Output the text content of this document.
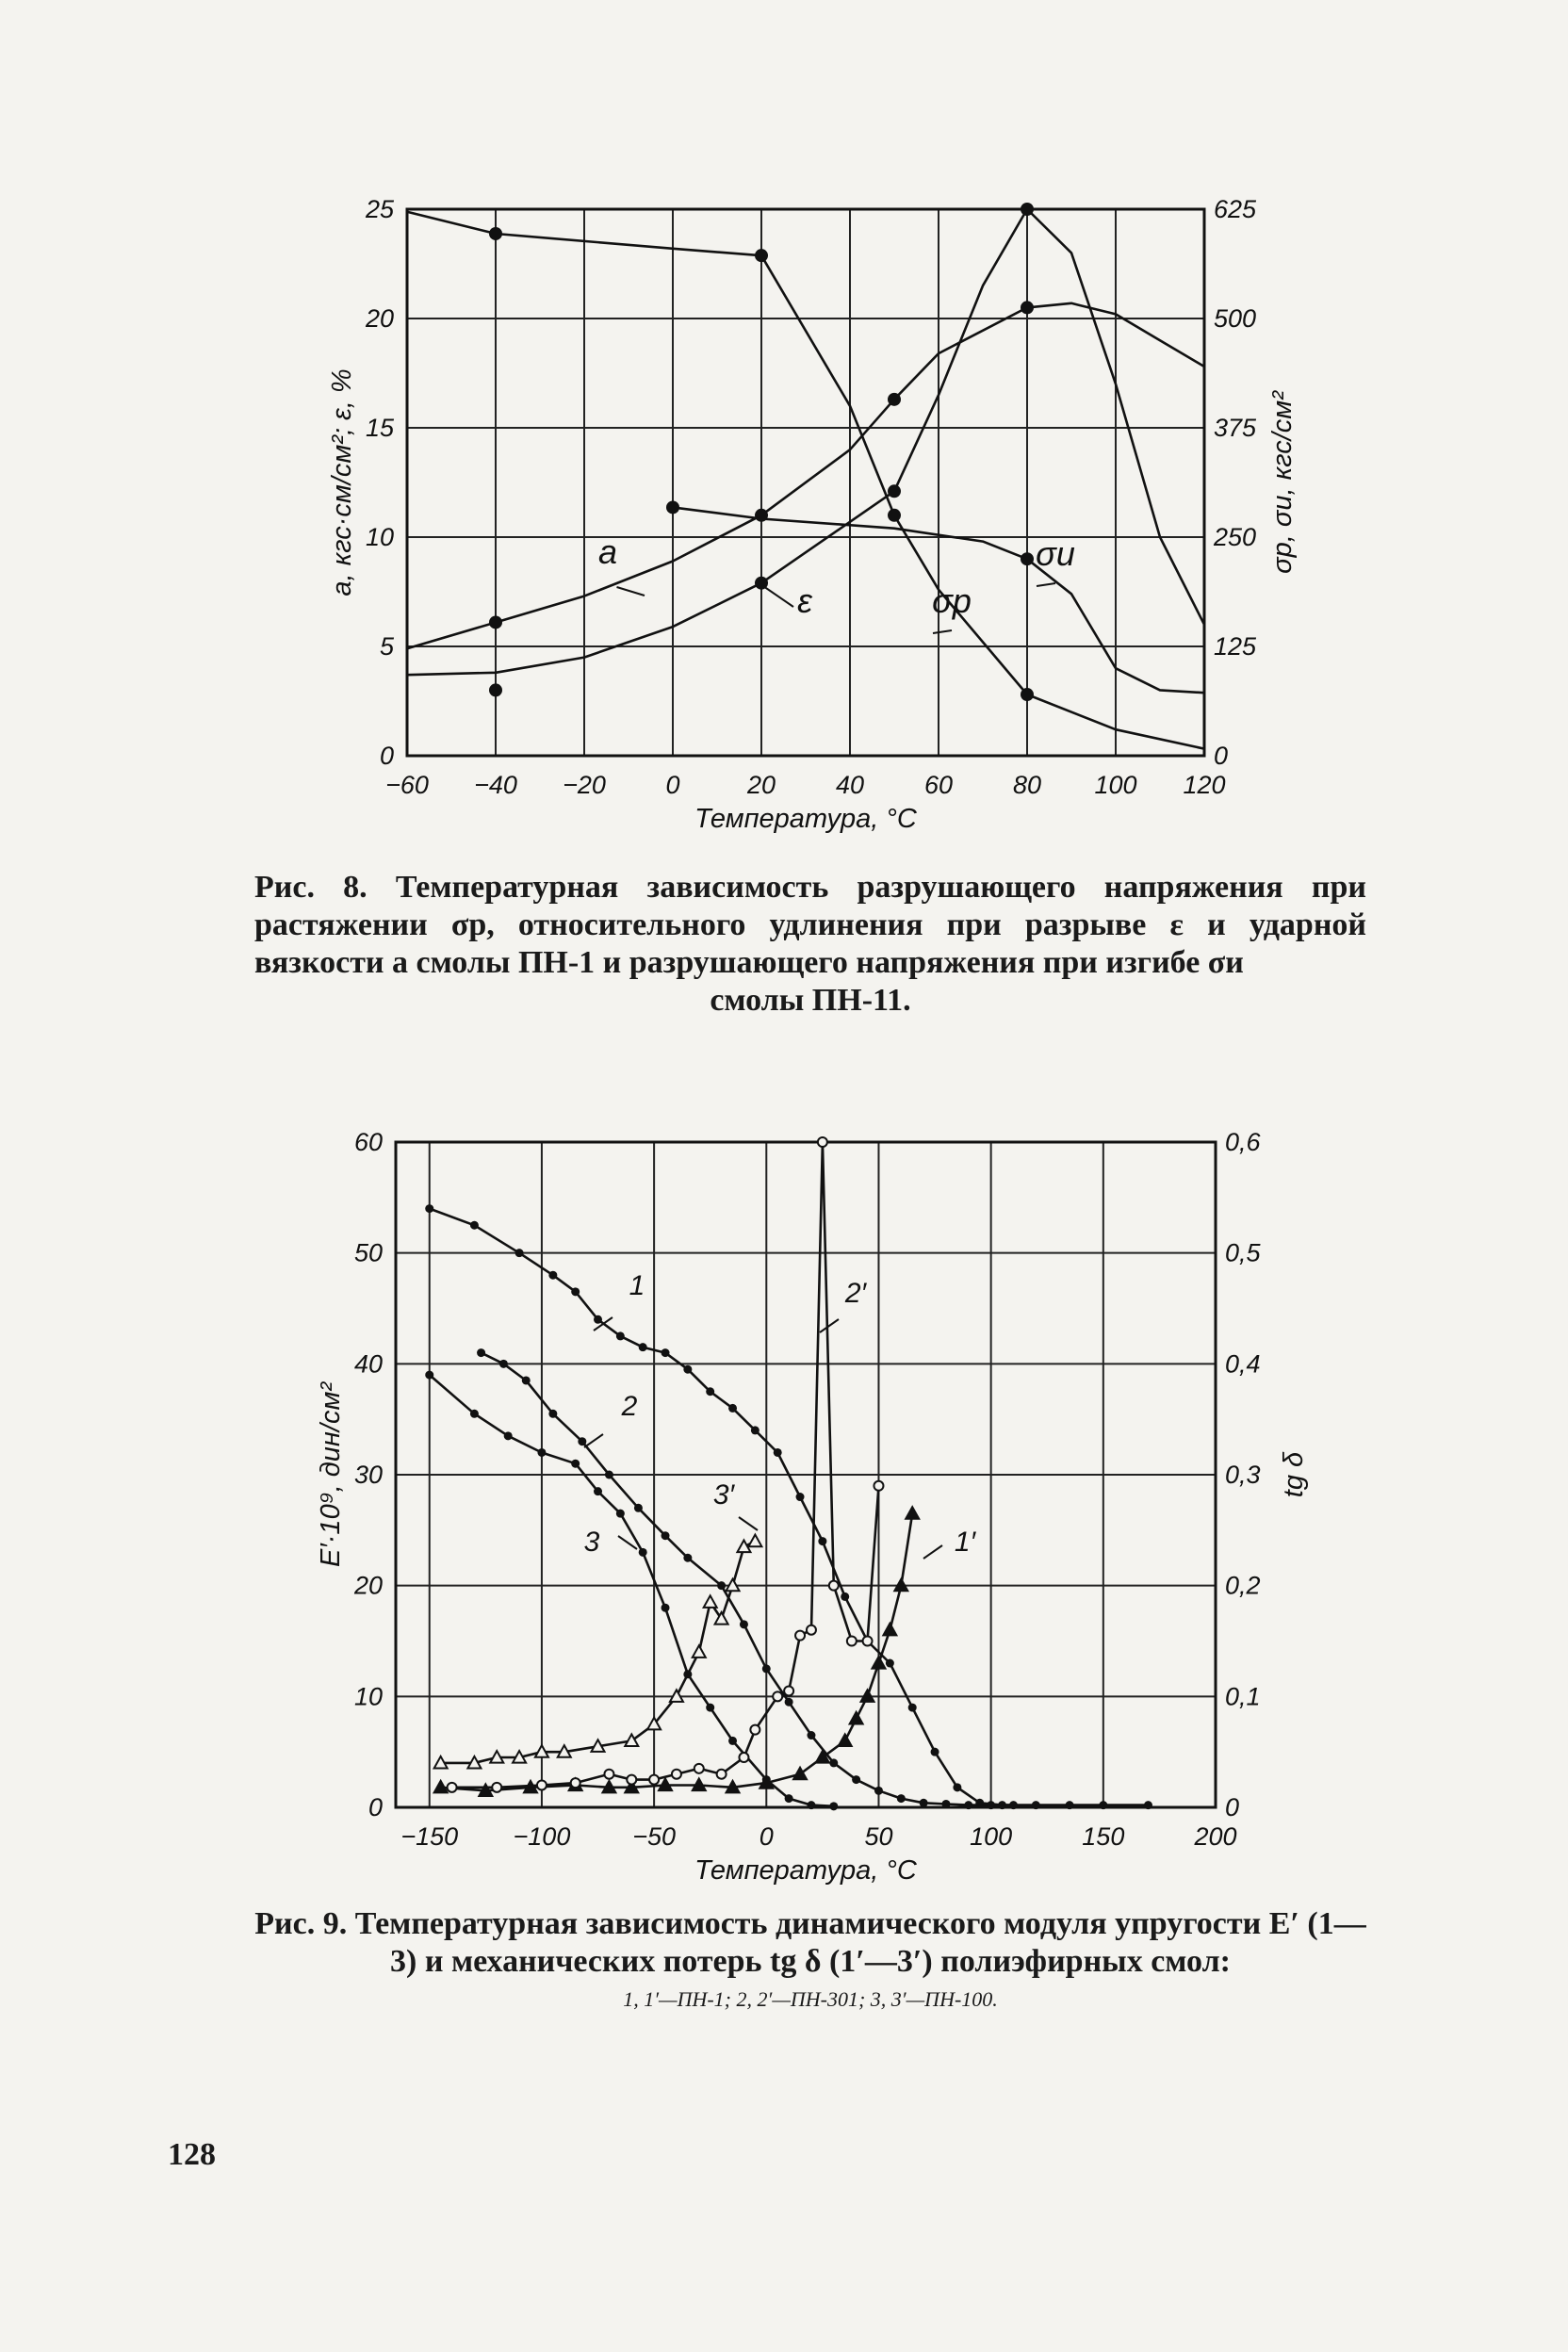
−60 −40 −20 0	20 40 60 80 100 120
0
5
10
15
20
25
0
125
250
375
500
625
Температура, °C
a, кгс·см/см²; ε, %	σр, σи, кгс/см²
a
ε	σр
σи
−150 −100 −50	0	50	100	150	200
0
10
20
30
40
50
60
0
0,1
0,2
0,3
0,4
0,5
0,6
Температура, °C
E′·10⁹, дин/см²	tg δ
1
2
3	1′
2′
3′
Рис. 8. Температурная зависимость разрушающего напряжения при растяжении σр, относительного удлинения при разрыве ε и ударной вязкости a смолы ПН-1 и разрушающего напряжения при изгибе σи
смолы ПН-11.
Рис. 9. Температурная зависимость динамического модуля упругости E′ (1—3) и механических потерь tg δ (1′—3′) полиэфирных смол:
1, 1′—ПН-1; 2, 2′—ПН-301; 3, 3′—ПН-100.
128
